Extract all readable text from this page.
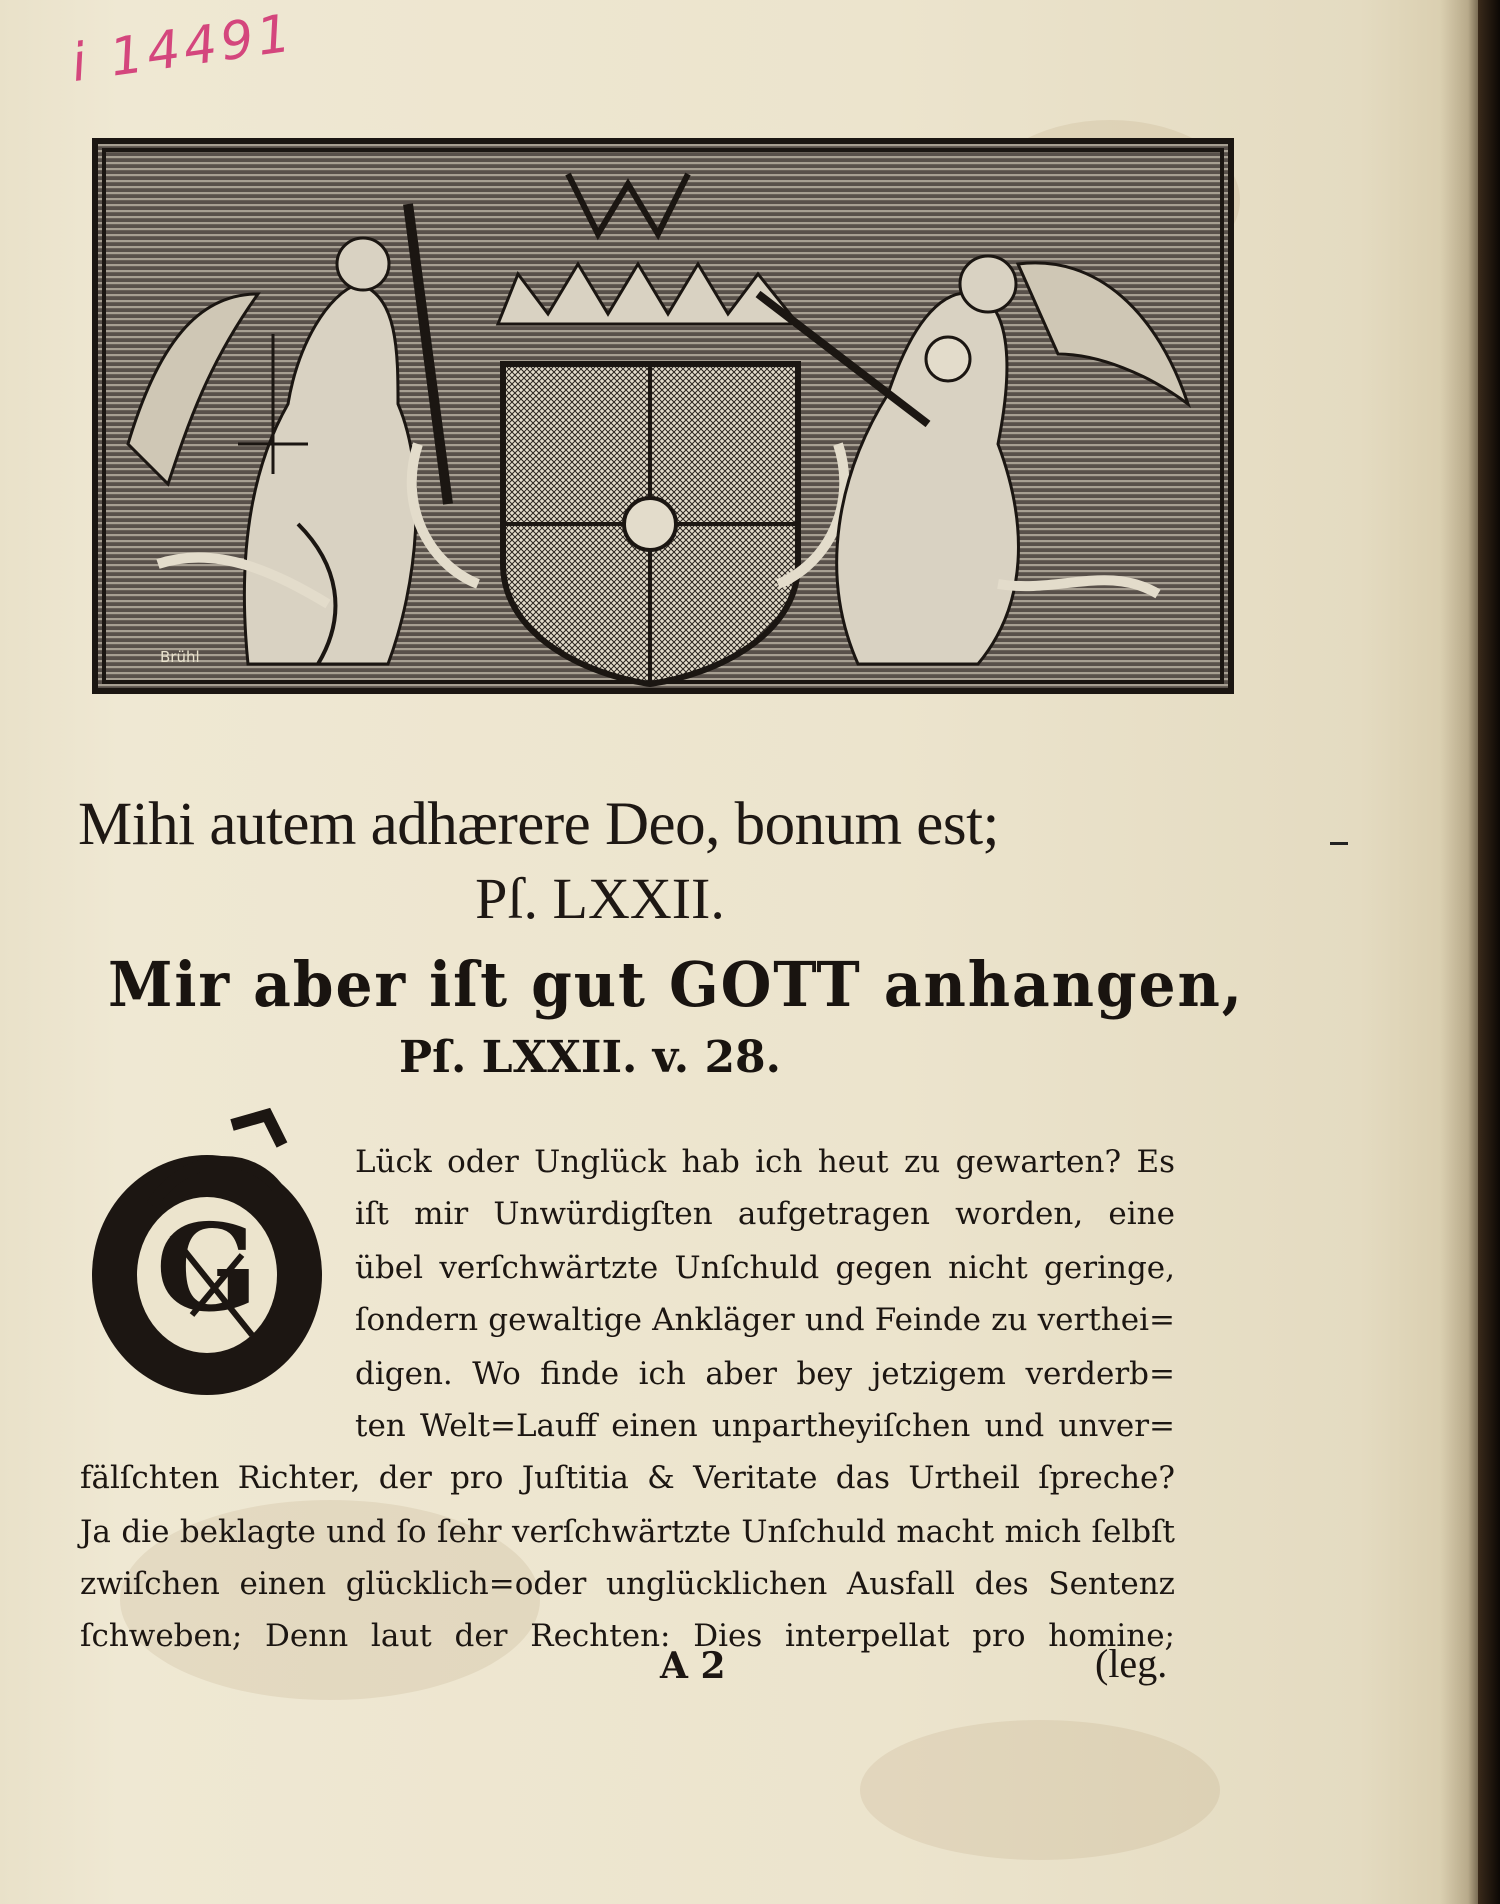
i 14491
Brühl
Mihi autem adhærere Deo, bonum est;
Pſ. LXXII.
Mir aber iſt gut GOTT anhangen,
Pſ. LXXII. v. 28.
G
Lück oder Unglück hab ich heut zu gewarten? Es
iſt mir Unwürdigſten aufgetragen worden, eine
übel verſchwärtzte Unſchuld gegen nicht geringe,
ſondern gewaltige Ankläger und Feinde zu verthei=
digen. Wo finde ich aber bey jetzigem verderb=
ten Welt=Lauff einen unpartheyiſchen und unver=
fälſchten Richter, der pro Juſtitia & Veritate das Urtheil ſpreche?
Ja die beklagte und ſo ſehr verſchwärtzte Unſchuld macht mich ſelbſt
zwiſchen einen glücklich=oder unglücklichen Ausfall des Sentenz
ſchweben; Denn laut der Rechten: Dies interpellat pro homine;
A 2	(leg.
